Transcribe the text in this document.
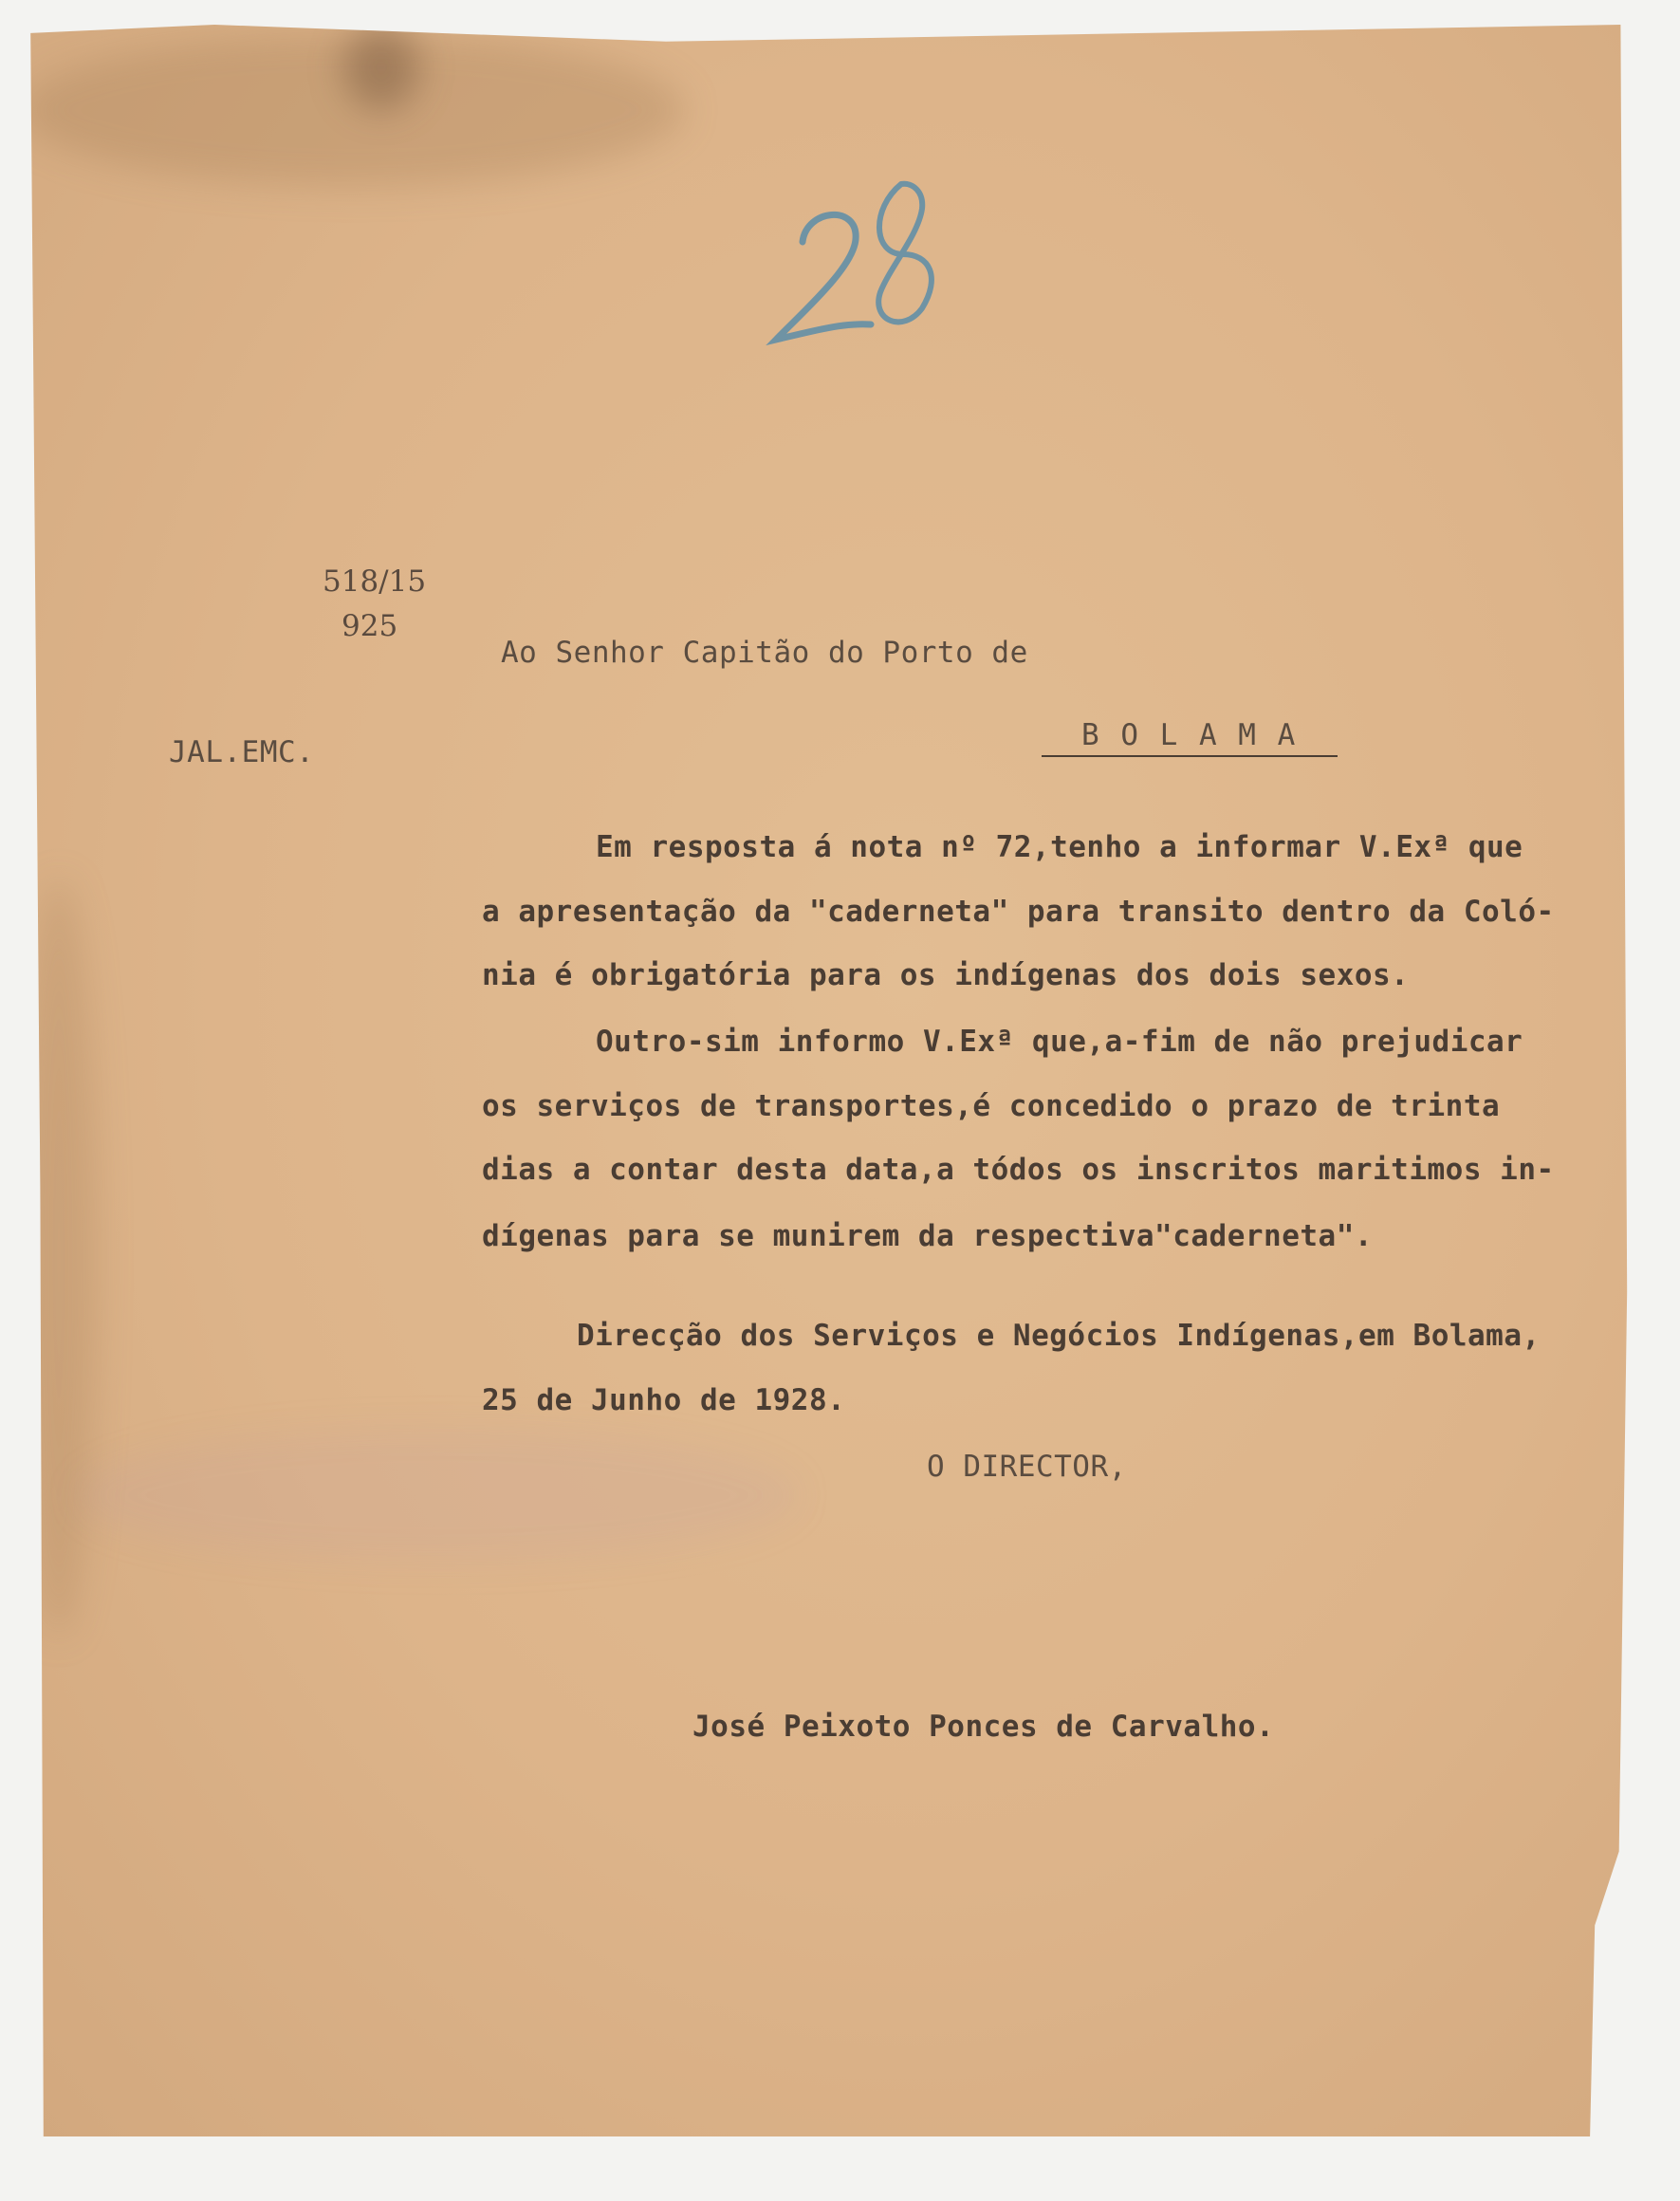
518/15
925
JAL.EMC.
Ao Senhor Capitão do Porto de
B O L A M A
Em resposta á nota nº 72,tenho a informar V.Exª que
a apresentação da "caderneta" para transito dentro da Coló-
nia é obrigatória para os indígenas dos dois sexos.
Outro-sim informo V.Exª que,a-fim de não prejudicar
os serviços de transportes,é concedido o prazo de trinta
dias a contar desta data,a tódos os inscritos maritimos in-
dígenas para se munirem da respectiva"caderneta".
Direcção dos Serviços e Negócios Indígenas,em Bolama,
25 de Junho de 1928.
O DIRECTOR,
José Peixoto Ponces de Carvalho.
